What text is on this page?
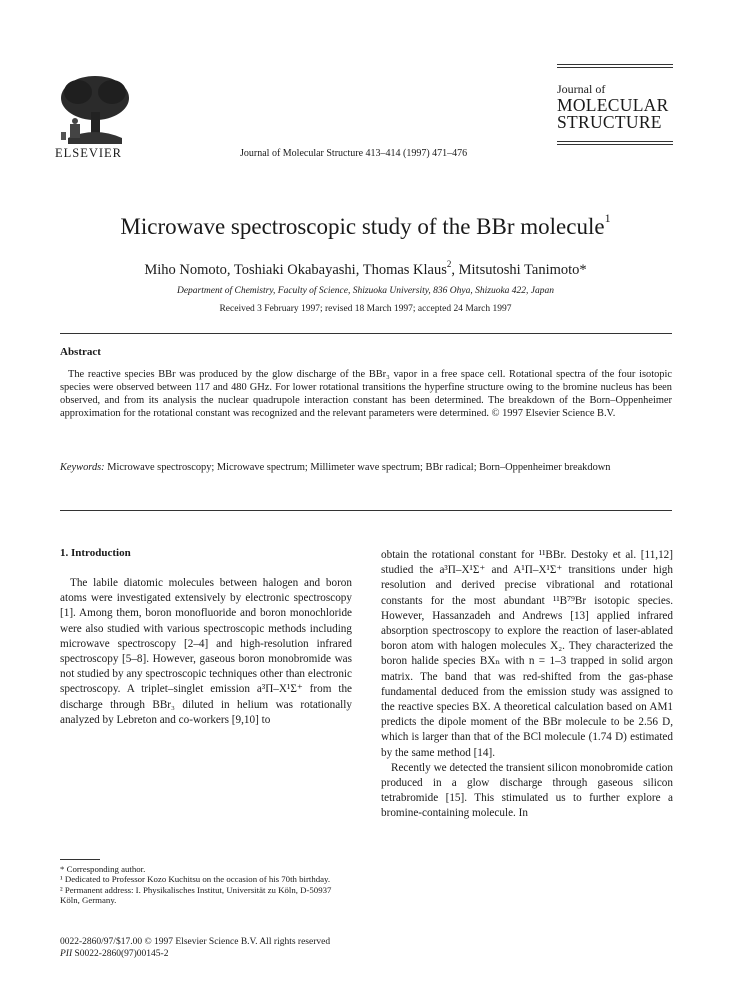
ELSEVIER	Journal of Molecular Structure 413–414 (1997) 471–476
Journal of
MOLECULAR
STRUCTURE
Microwave spectroscopic study of the BBr molecule$^1$
Miho Nomoto, Toshiaki Okabayashi, Thomas Klaus$^2$, Mitsutoshi Tanimoto*
Department of Chemistry, Faculty of Science, Shizuoka University, 836 Ohya, Shizuoka 422, Japan
Received 3 February 1997; revised 18 March 1997; accepted 24 March 1997
Abstract
The reactive species BBr was produced by the glow discharge of the BBr₃ vapor in a free space cell. Rotational spectra of the four isotopic species were observed between 117 and 480 GHz. For lower rotational transitions the hyperfine structure owing to the bromine nucleus has been observed, and from its analysis the nuclear quadrupole interaction constant has been determined. The breakdown of the Born–Oppenheimer approximation for the rotational constant was recognized and the relevant parameters were determined. © 1997 Elsevier Science B.V.
Keywords: Microwave spectroscopy; Microwave spectrum; Millimeter wave spectrum; BBr radical; Born–Oppenheimer breakdown
1. Introduction

The labile diatomic molecules between halogen and boron atoms were investigated extensively by electronic spectroscopy [1]. Among them, boron monofluoride and boron monochloride were also studied with various spectroscopic methods including microwave spectroscopy [2–4] and high-resolution infrared spectroscopy [5–8]. However, gaseous boron monobromide was not studied by any spectroscopic techniques other than electronic spectroscopy. A triplet–singlet emission a³Π–X¹Σ⁺ from the discharge through BBr₃ diluted in helium was rotationally analyzed by Lebreton and co-workers [9,10] to

obtain the rotational constant for ¹¹BBr. Destoky et al. [11,12] studied the a³Π–X¹Σ⁺ and A¹Π–X¹Σ⁺ transitions under high resolution and derived precise vibrational and rotational constants for the most abundant ¹¹B⁷⁹Br isotopic species. However, Hassanzadeh and Andrews [13] applied infrared absorption spectroscopy to explore the reaction of laser-ablated boron atom with halogen molecules X₂. They characterized the boron halide species BXₙ with n = 1–3 trapped in solid argon matrix. The band that was red-shifted from the gas-phase fundamental deduced from the emission study was assigned to the reactive species BX. A theoretical calculation based on AM1 predicts the dipole moment of the BBr molecule to be 2.56 D, which is larger than that of the BCl molecule (1.74 D) estimated by the same method [14].

Recently we detected the transient silicon monobromide cation produced in a glow discharge through gaseous silicon tetrabromide [15]. This stimulated us to further explore a bromine-containing molecule. In

* Corresponding author.
¹ Dedicated to Professor Kozo Kuchitsu on the occasion of his 70th birthday.
² Permanent address: I. Physikalisches Institut, Universität zu Köln, D-50937 Köln, Germany.
0022-2860/97/$17.00 © 1997 Elsevier Science B.V. All rights reserved
PII S0022-2860(97)00145-2
